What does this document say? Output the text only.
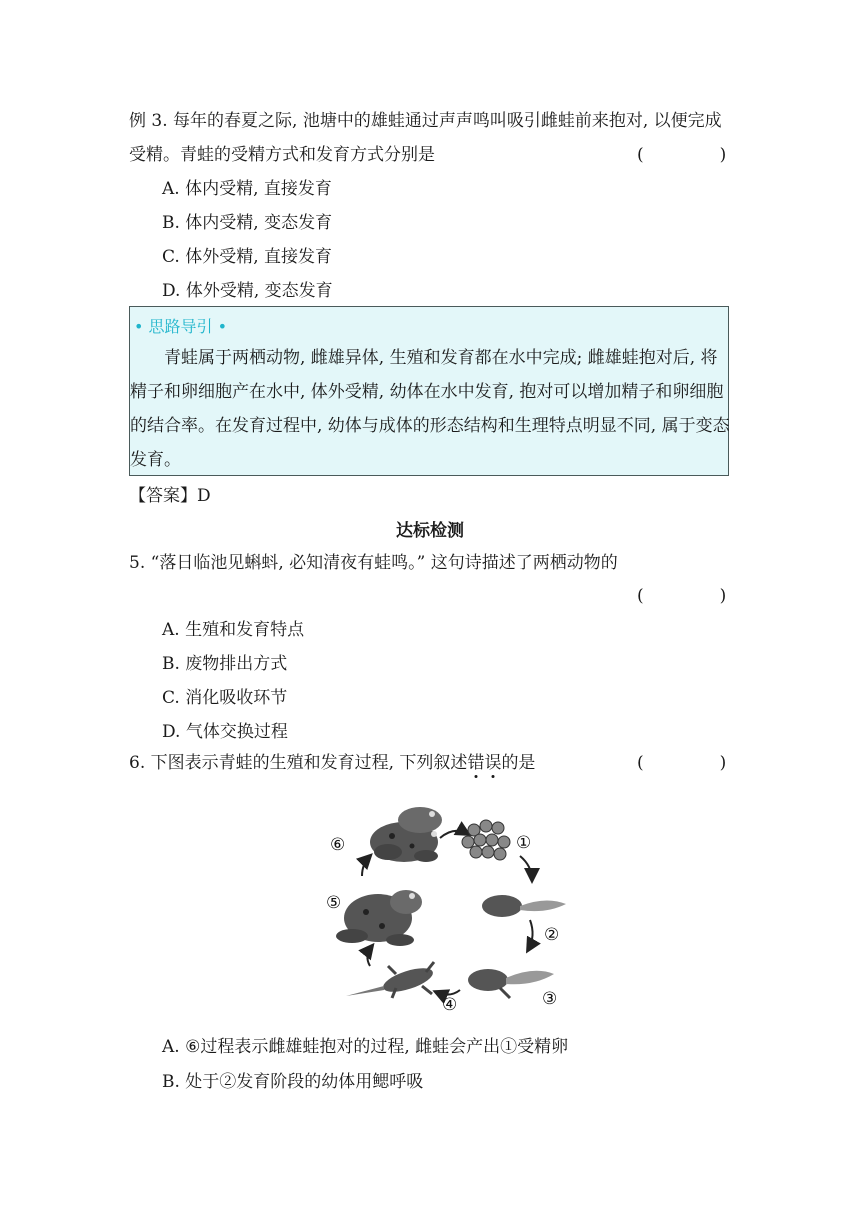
例 3. 每年的春夏之际, 池塘中的雄蛙通过声声鸣叫吸引雌蛙前来抱对, 以便完成
受精。青蛙的受精方式和发育方式分别是	(	)
A. 体内受精, 直接发育
B. 体内受精, 变态发育
C. 体外受精, 直接发育
D. 体外受精, 变态发育
• 思路导引 •
青蛙属于两栖动物, 雌雄异体, 生殖和发育都在水中完成; 雌雄蛙抱对后, 将
精子和卵细胞产在水中, 体外受精, 幼体在水中发育, 抱对可以增加精子和卵细胞
的结合率。在发育过程中, 幼体与成体的形态结构和生理特点明显不同, 属于变态
发育。
【答案】D
达标检测
5. “落日临池见蝌蚪, 必知清夜有蛙鸣。” 这句诗描述了两栖动物的
(	)
A. 生殖和发育特点
B. 废物排出方式
C. 消化吸收环节
D. 气体交换过程
6. 下图表示青蛙的生殖和发育过程, 下列叙述错误的是	(	)
⑥	①
②
③
④
⑤
A. ⑥过程表示雌雄蛙抱对的过程, 雌蛙会产出①受精卵
B. 处于②发育阶段的幼体用鳃呼吸
